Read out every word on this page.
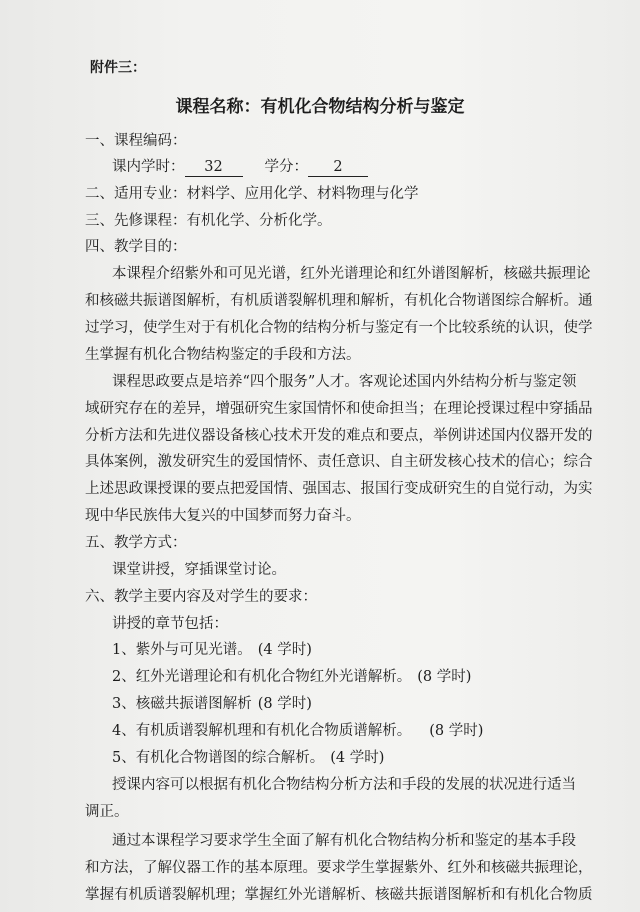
附件三：
课程名称：有机化合物结构分析与鉴定
一、课程编码：
课内学时： 32	学分： 2
二、适用专业：材料学、应用化学、材料物理与化学
三、先修课程：有机化学、分析化学。
四、教学目的：
本课程介绍紫外和可见光谱，红外光谱理论和红外谱图解析，核磁共振理论
和核磁共振谱图解析，有机质谱裂解机理和解析，有机化合物谱图综合解析。通
过学习，使学生对于有机化合物的结构分析与鉴定有一个比较系统的认识，使学
生掌握有机化合物结构鉴定的手段和方法。
课程思政要点是培养“四个服务”人才。客观论述国内外结构分析与鉴定领
域研究存在的差异，增强研究生家国情怀和使命担当；在理论授课过程中穿插品
分析方法和先进仪器设备核心技术开发的难点和要点，举例讲述国内仪器开发的
具体案例，激发研究生的爱国情怀、责任意识、自主研发核心技术的信心；综合
上述思政课授课的要点把爱国情、强国志、报国行变成研究生的自觉行动，为实
现中华民族伟大复兴的中国梦而努力奋斗。
五、教学方式：
课堂讲授，穿插课堂讨论。
六、教学主要内容及对学生的要求：
讲授的章节包括：
1、紫外与可见光谱。 (4 学时)
2、红外光谱理论和有机化合物红外光谱解析。 (8 学时)
3、核磁共振谱图解析 (8 学时)
4、有机质谱裂解机理和有机化合物质谱解析。 (8 学时)
5、有机化合物谱图的综合解析。 (4 学时)
授课内容可以根据有机化合物结构分析方法和手段的发展的状况进行适当
调正。
通过本课程学习要求学生全面了解有机化合物结构分析和鉴定的基本手段
和方法，了解仪器工作的基本原理。要求学生掌握紫外、红外和核磁共振理论，
掌握有机质谱裂解机理；掌握红外光谱解析、核磁共振谱图解析和有机化合物质
